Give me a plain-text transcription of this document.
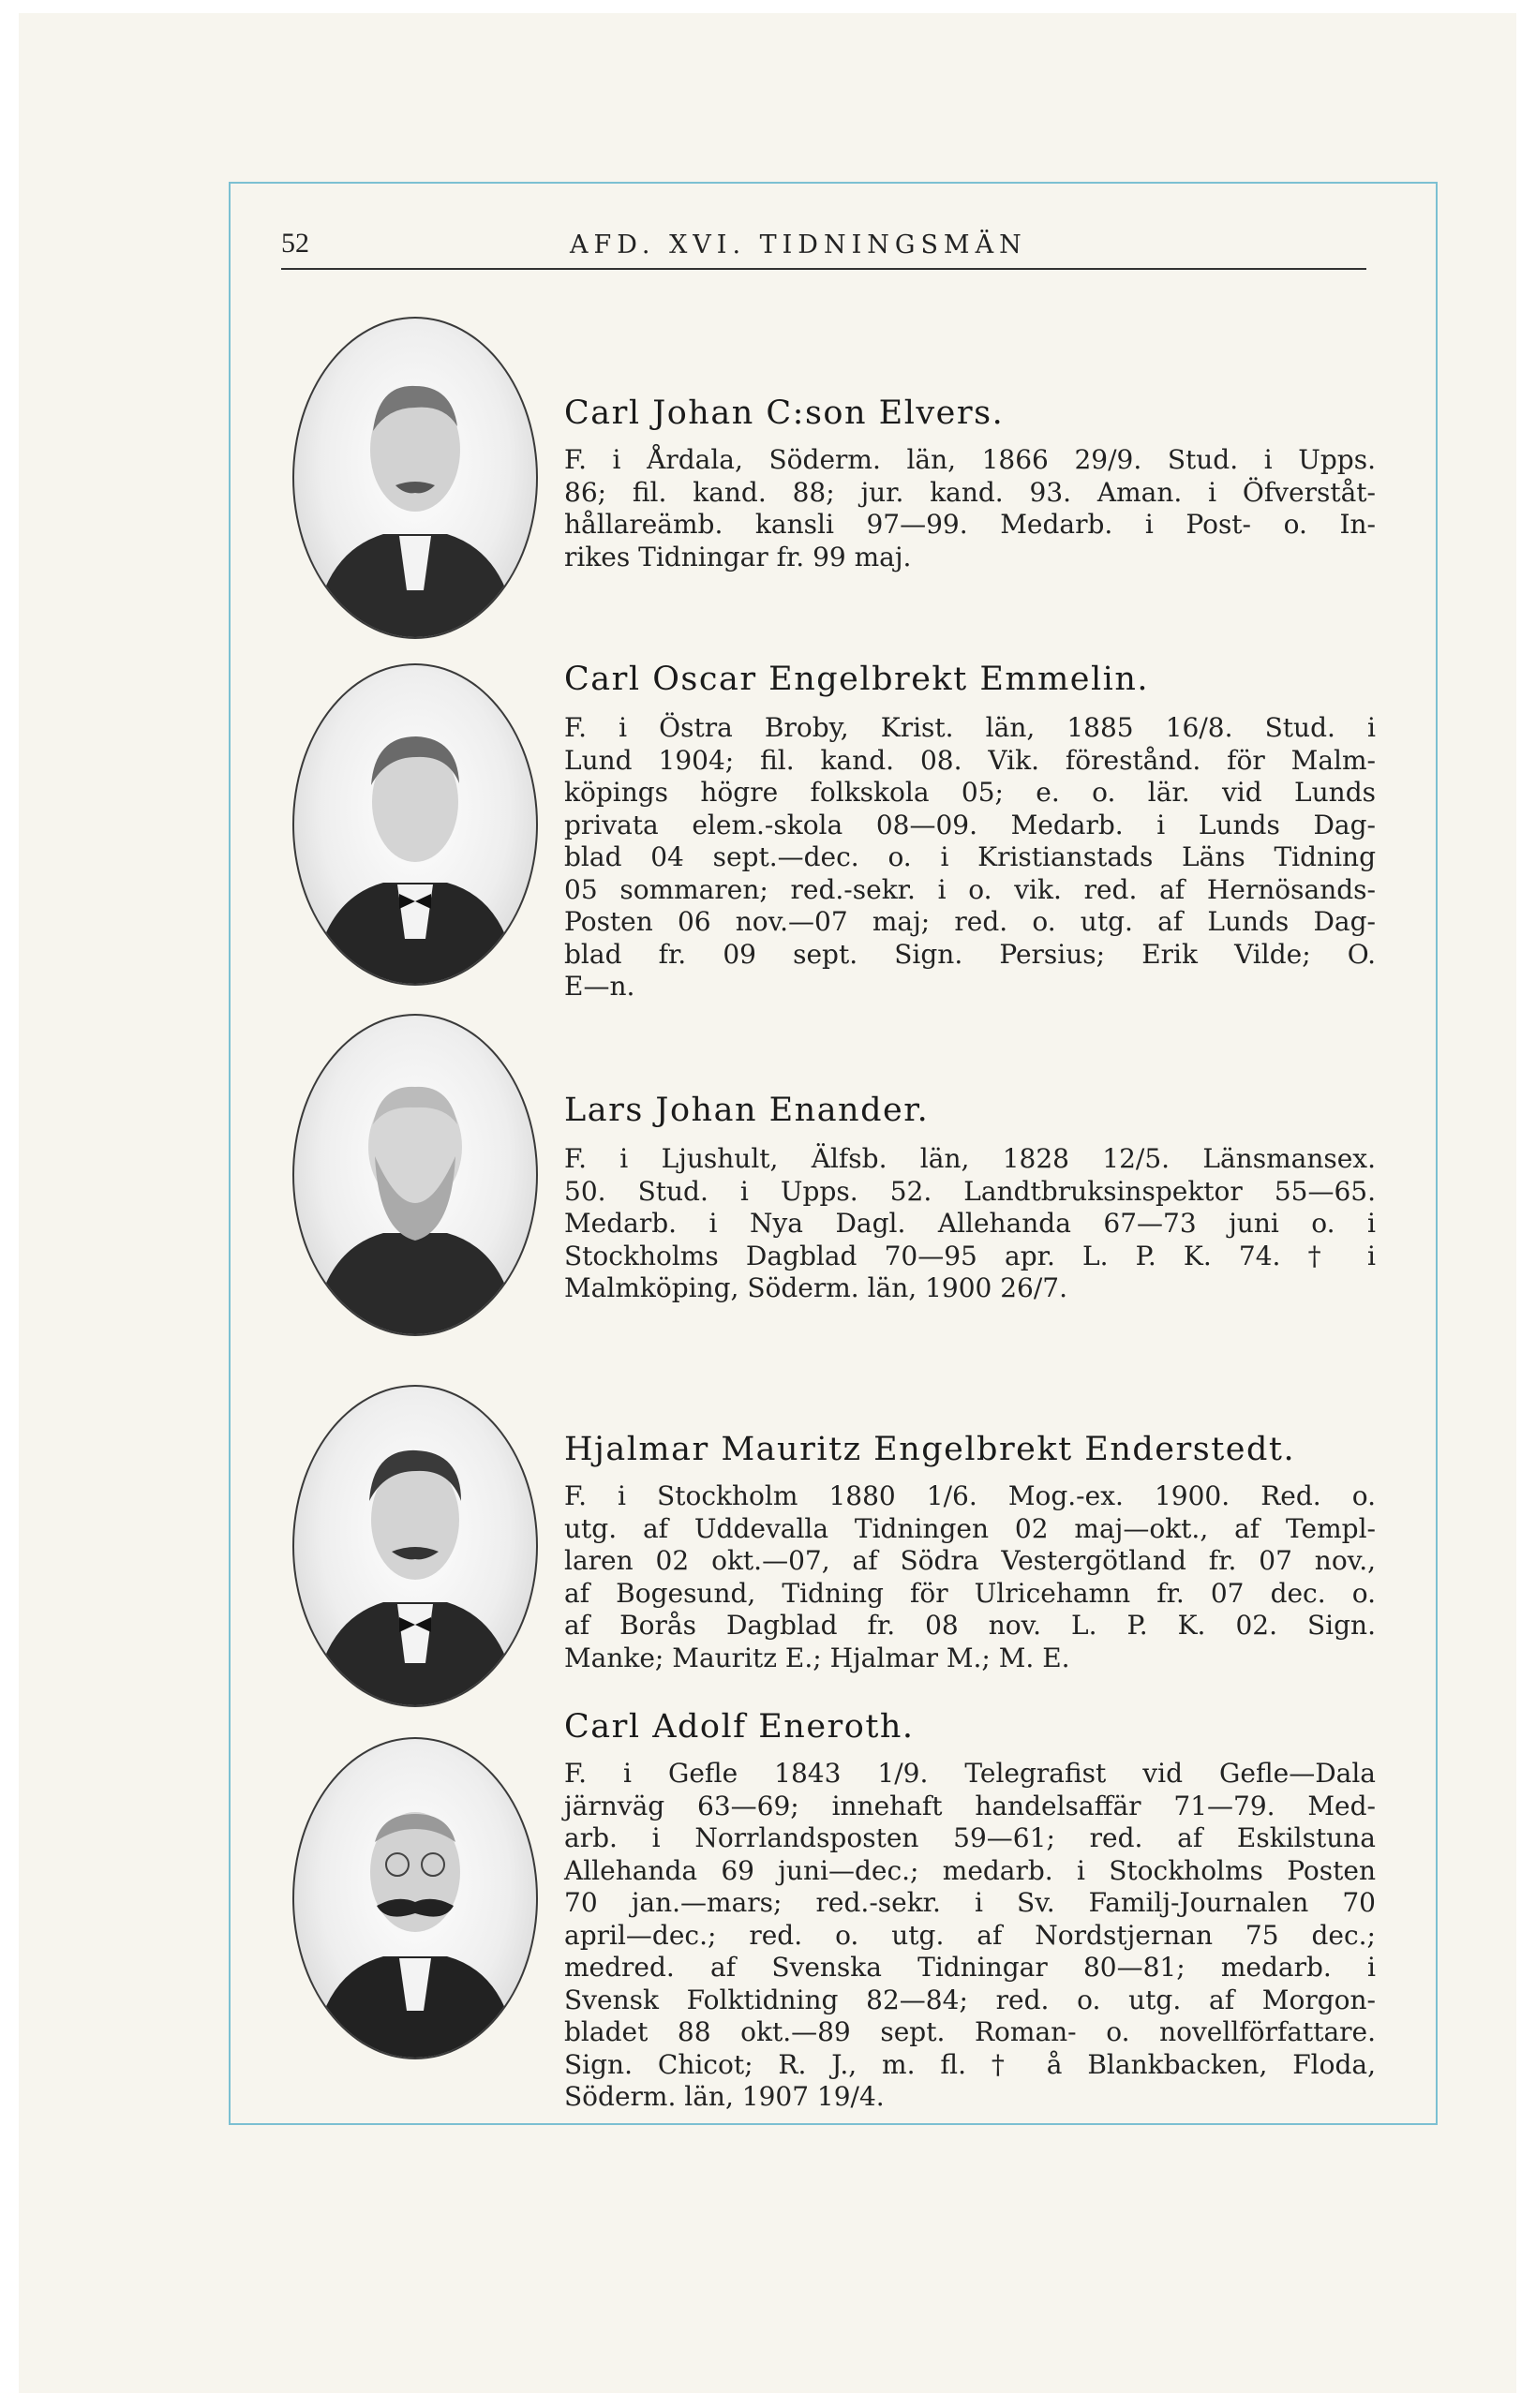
52	AFD. XVI. TIDNINGSMÄN
Carl Johan C:son Elvers.
F. i Årdala, Söderm. län, 1866 29/9. Stud. i Upps.
86; fil. kand. 88; jur. kand. 93. Aman. i Öfverståt-
hållareämb. kansli 97—99. Medarb. i Post- o. In-
rikes Tidningar fr. 99 maj.
Carl Oscar Engelbrekt Emmelin.
F. i Östra Broby, Krist. län, 1885 16/8. Stud. i
Lund 1904; fil. kand. 08. Vik. förestånd. för Malm-
köpings högre folkskola 05; e. o. lär. vid Lunds
privata elem.-skola 08—09. Medarb. i Lunds Dag-
blad 04 sept.—dec. o. i Kristianstads Läns Tidning
05 sommaren; red.-sekr. i o. vik. red. af Hernösands-
Posten 06 nov.—07 maj; red. o. utg. af Lunds Dag-
blad fr. 09 sept. Sign. Persius; Erik Vilde; O.
E—n.
Lars Johan Enander.
F. i Ljushult, Älfsb. län, 1828 12/5. Länsmansex.
50. Stud. i Upps. 52. Landtbruksinspektor 55—65.
Medarb. i Nya Dagl. Allehanda 67—73 juni o. i
Stockholms Dagblad 70—95 apr. L. P. K. 74. † i
Malmköping, Söderm. län, 1900 26/7.
Hjalmar Mauritz Engelbrekt Enderstedt.
F. i Stockholm 1880 1/6. Mog.-ex. 1900. Red. o.
utg. af Uddevalla Tidningen 02 maj—okt., af Templ-
laren 02 okt.—07, af Södra Vestergötland fr. 07 nov.,
af Bogesund, Tidning för Ulricehamn fr. 07 dec. o.
af Borås Dagblad fr. 08 nov. L. P. K. 02. Sign.
Manke; Mauritz E.; Hjalmar M.; M. E.
Carl Adolf Eneroth.
F. i Gefle 1843 1/9. Telegrafist vid Gefle—Dala
järnväg 63—69; innehaft handelsaffär 71—79. Med-
arb. i Norrlandsposten 59—61; red. af Eskilstuna
Allehanda 69 juni—dec.; medarb. i Stockholms Posten
70 jan.—mars; red.-sekr. i Sv. Familj-Journalen 70
april—dec.; red. o. utg. af Nordstjernan 75 dec.;
medred. af Svenska Tidningar 80—81; medarb. i
Svensk Folktidning 82—84; red. o. utg. af Morgon-
bladet 88 okt.—89 sept. Roman- o. novellförfattare.
Sign. Chicot; R. J., m. fl. † å Blankbacken, Floda,
Söderm. län, 1907 19/4.
